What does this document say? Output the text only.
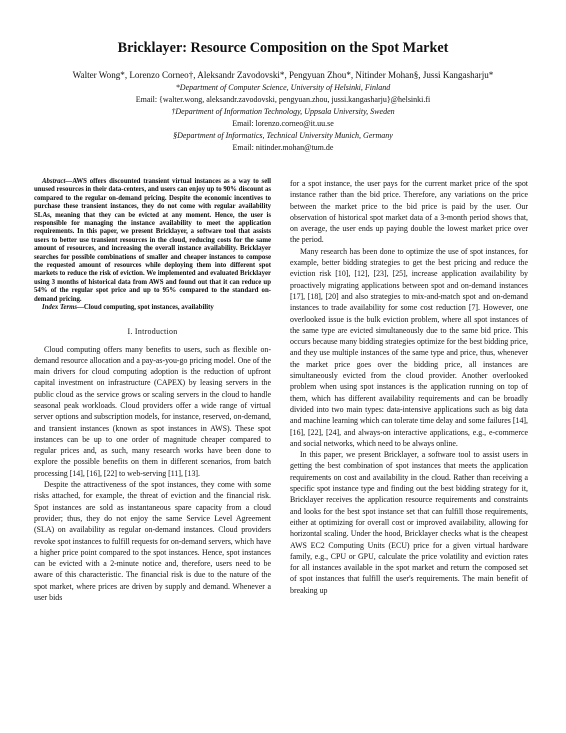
Bricklayer: Resource Composition on the Spot Market
Walter Wong*, Lorenzo Corneo†, Aleksandr Zavodovski*, Pengyuan Zhou*, Nitinder Mohan§, Jussi Kangasharju*
*Department of Computer Science, University of Helsinki, Finland
Email: {walter.wong, aleksandr.zavodovski, pengyuan.zhou, jussi.kangasharju}@helsinki.fi
†Department of Information Technology, Uppsala University, Sweden
Email: lorenzo.corneo@it.uu.se
§Department of Informatics, Technical University Munich, Germany
Email: nitinder.mohan@tum.de

Abstract—AWS offers discounted transient virtual instances as a way to sell unused resources in their data-centers, and users can enjoy up to 90% discount as compared to the regular on-demand pricing. Despite the economic incentives to purchase these transient instances, they do not come with regular availability SLAs, meaning that they can be evicted at any moment. Hence, the user is responsible for managing the instance availability to meet the application requirements. In this paper, we present Bricklayer, a software tool that assists users to better use transient resources in the cloud, reducing costs for the same amount of resources, and increasing the overall instance availability. Bricklayer searches for possible combinations of smaller and cheaper instances to compose the requested amount of resources while deploying them into different spot markets to reduce the risk of eviction. We implemented and evaluated Bricklayer using 3 months of historical data from AWS and found out that it can reduce up 54% of the regular spot price and up to 95% compared to the standard on-demand pricing.

Index Terms—Cloud computing, spot instances, availability

I. Introduction

Cloud computing offers many benefits to users, such as flexible on-demand resource allocation and a pay-as-you-go pricing model. One of the main drivers for cloud computing adoption is the reduction of upfront capital investment on infrastructure (CAPEX) by leasing servers in the public cloud as the service grows or scaling servers in the cloud to handle seasonal peak workloads. Cloud providers offer a wide range of virtual server options and subscription models, for instance, reserved, on-demand, and transient instances (known as spot instances in AWS). These spot instances can be up to one order of magnitude cheaper compared to regular prices and, as such, many research works have been done to explore the possible benefits on them in different scenarios, from batch processing [14], [16], [22] to web-serving [11], [13].

Despite the attractiveness of the spot instances, they come with some risks attached, for example, the threat of eviction and the financial risk. Spot instances are sold as instantaneous spare capacity from a cloud provider; thus, they do not enjoy the same Service Level Agreement (SLA) on availability as regular on-demand instances. Cloud providers revoke spot instances to fulfill requests for on-demand servers, which have a higher price point compared to the spot instances. Hence, spot instances can be evicted with a 2-minute notice and, therefore, users need to be aware of this characteristic. The financial risk is due to the nature of the spot market, where prices are driven by supply and demand. Whenever a user bids

for a spot instance, the user pays for the current market price of the spot instance rather than the bid price. Therefore, any variations on the price between the market price to the bid price is paid by the user. Our observation of historical spot market data of a 3-month period shows that, on average, the user ends up paying double the lowest market price over the period.

Many research has been done to optimize the use of spot instances, for example, better bidding strategies to get the best pricing and reduce the eviction risk [10], [12], [23], [25], increase application availability by proactively migrating applications between spot and on-demand instances [17], [18], [20] and also strategies to mix-and-match spot and on-demand instances to trade availability for some cost reduction [7]. However, one overlooked issue is the bulk eviction problem, where all spot instances of the same type are evicted simultaneously due to the same bid price. This occurs because many bidding strategies optimize for the best bidding price, and they use multiple instances of the same type and price, thus, whenever the market price goes over the bidding price, all instances are simultaneously evicted from the cloud provider. Another overlooked problem when using spot instances is the application running on top of them, which has different availability requirements and can be broadly divided into two main types: data-intensive applications such as big data and machine learning which can tolerate time delay and some failures [14], [16], [22], [24], and always-on interactive applications, e.g., e-commerce and social networks, which need to be always online.

In this paper, we present Bricklayer, a software tool to assist users in getting the best combination of spot instances that meets the application requirements on cost and availability in the cloud. Rather than receiving a specific spot instance type and finding out the best bidding strategy for it, Bricklayer receives the application resource requirements and constraints and looks for the best spot instance set that can fulfill those requirements, either at optimizing for overall cost or improved availability, allowing for horizontal scaling. Under the hood, Bricklayer checks what is the cheapest AWS EC2 Computing Units (ECU) price for a given virtual hardware family, e.g., CPU or GPU, calculate the price volatility and eviction rates for all instances available in the spot market and return the composed set of spot instances that fulfill the user's requirements. The main benefit of breaking up
